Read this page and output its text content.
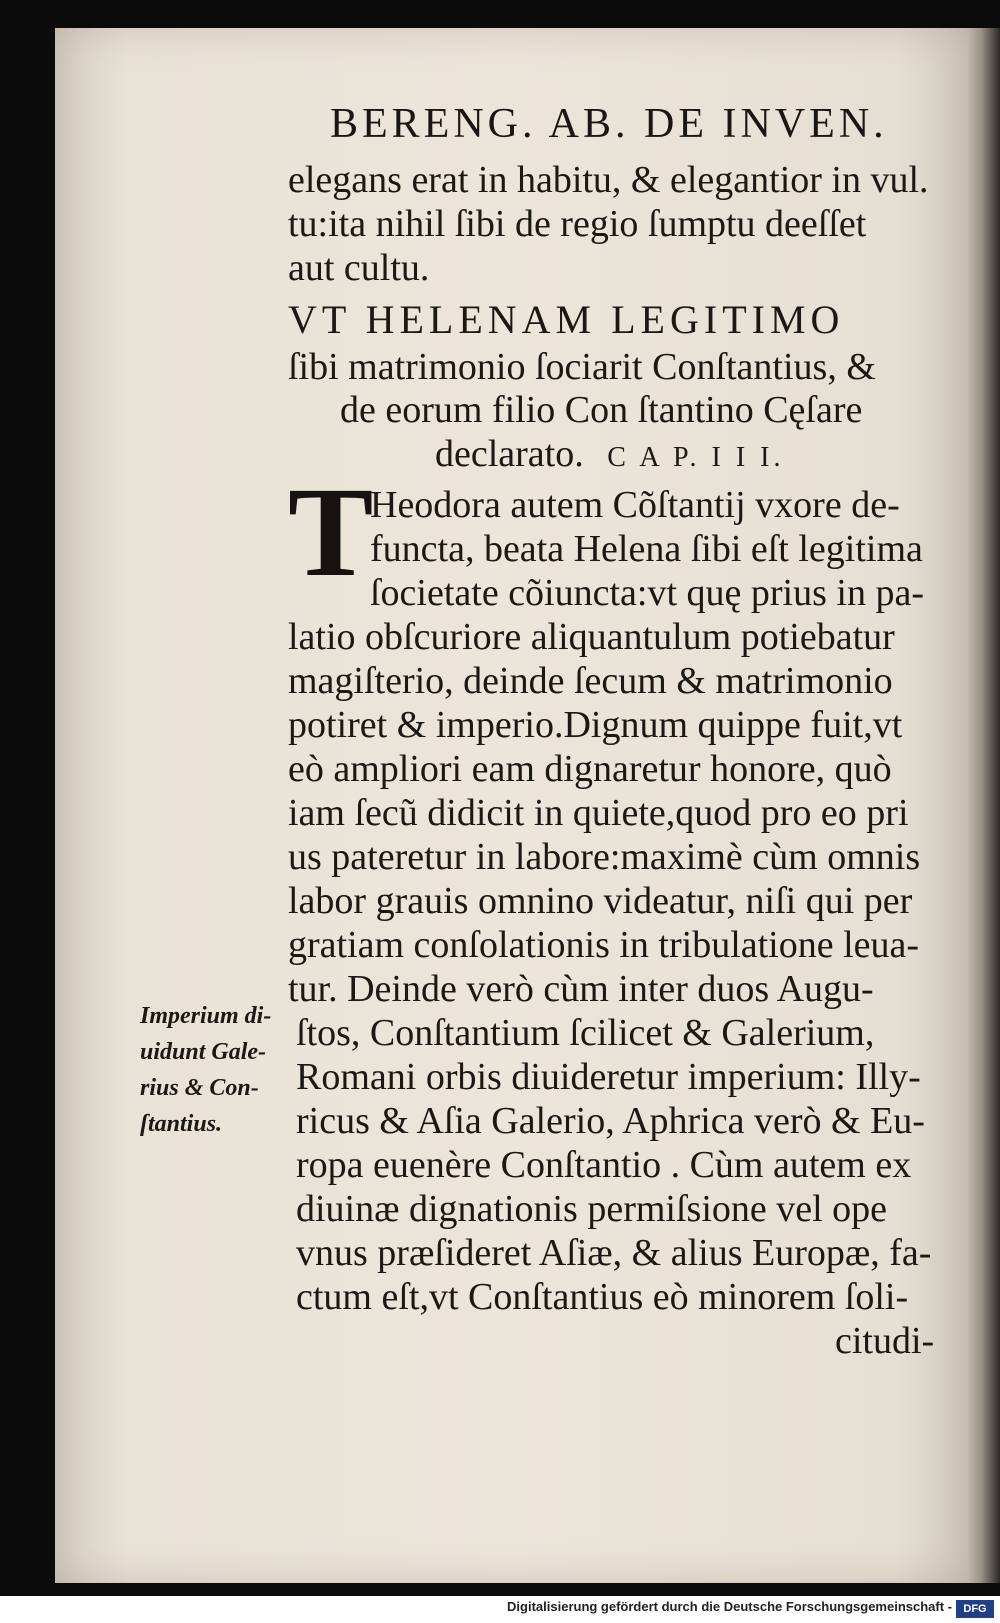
BERENG. AB. DE INVEN.
elegans erat in habitu, & elegantior in vul.
tu:ita nihil ſibi de regio ſumptu deeſſet
aut cultu.
VT HELENAM LEGITIMO
ſibi matrimonio ſociarit Conſtantius, &
de eorum filio Con ſtantino Cęſare
declarato. C A P. I I I.
T
Heodora autem Cõſtantij vxore de-
functa, beata Helena ſibi eſt legitima
ſocietate cõiuncta:vt quę prius in pa-
latio obſcuriore aliquantulum potiebatur
magiſterio, deinde ſecum & matrimonio
potiret & imperio.Dignum quippe fuit,vt
eò ampliori eam dignaretur honore, quò
iam ſecũ didicit in quiete,quod pro eo pri
us pateretur in labore:maximè cùm omnis
labor grauis omnino videatur, niſi qui per
gratiam conſolationis in tribulatione leua-
tur. Deinde verò cùm inter duos Augu-
ſtos, Conſtantium ſcilicet & Galerium,
Romani orbis diuideretur imperium: Illy-
ricus & Aſia Galerio, Aphrica verò & Eu-
ropa euenère Conſtantio . Cùm autem ex
diuinæ dignationis permiſsione vel ope
vnus præſideret Aſiæ, & alius Europæ, fa-
ctum eſt,vt Conſtantius eò minorem ſoli-
citudi-
Imperium di-
uidunt Gale-
rius & Con-
ſtantius.
Digitalisierung gefördert durch die Deutsche Forschungsgemeinschaft -	DFG
